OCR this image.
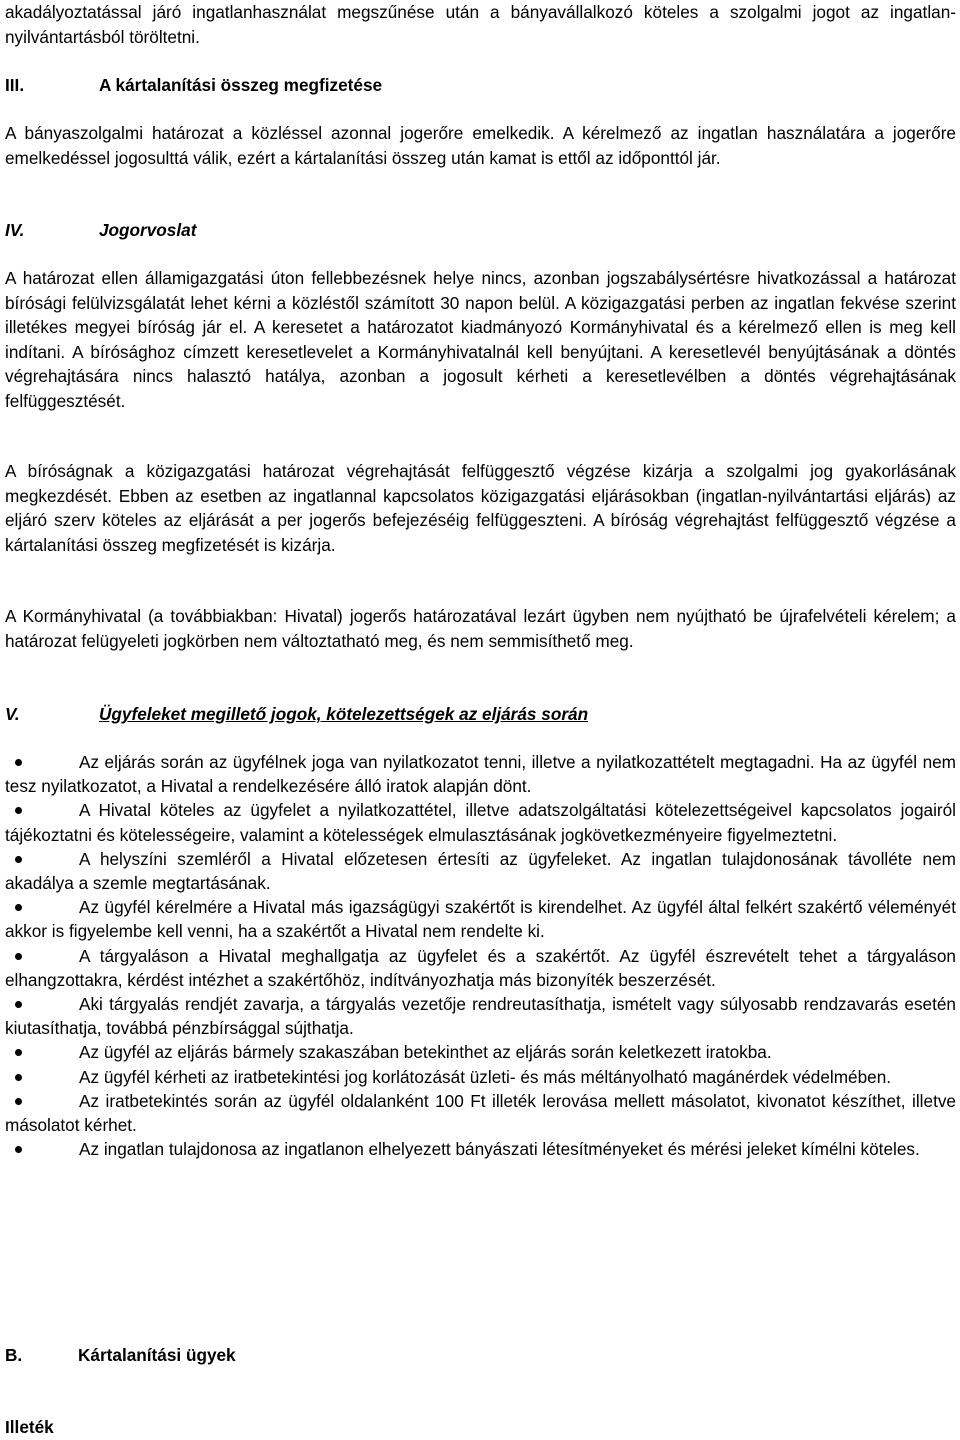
akadályoztatással járó ingatlanhasználat megszűnése után a bányavállalkozó köteles a szolgalmi jogot az ingatlan-nyilvántartásból töröltetni.

III.	A kártalanítási összeg megfizetése

A bányaszolgalmi határozat a közléssel azonnal jogerőre emelkedik. A kérelmező az ingatlan használatára a jogerőre emelkedéssel jogosulttá válik, ezért a kártalanítási összeg után kamat is ettől az időponttól jár.

IV.	Jogorvoslat

A határozat ellen államigazgatási úton fellebbezésnek helye nincs, azonban jogszabálysértésre hivatkozással a határozat bírósági felülvizsgálatát lehet kérni a közléstől számított 30 napon belül. A közigazgatási perben az ingatlan fekvése szerint illetékes megyei bíróság jár el. A keresetet a határozatot kiadmányozó Kormányhivatal és a kérelmező ellen is meg kell indítani. A bírósághoz címzett keresetlevelet a Kormányhivatalnál kell benyújtani. A keresetlevél benyújtásának a döntés végrehajtására nincs halasztó hatálya, azonban a jogosult kérheti a keresetlevélben a döntés végrehajtásának felfüggesztését.

A bíróságnak a közigazgatási határozat végrehajtását felfüggesztő végzése kizárja a szolgalmi jog gyakorlásának megkezdését. Ebben az esetben az ingatlannal kapcsolatos közigazgatási eljárásokban (ingatlan-nyilvántartási eljárás) az eljáró szerv köteles az eljárását a per jogerős befejezéséig felfüggeszteni. A bíróság végrehajtást felfüggesztő végzése a kártalanítási összeg megfizetését is kizárja.

A Kormányhivatal (a továbbiakban: Hivatal) jogerős határozatával lezárt ügyben nem nyújtható be újrafelvételi kérelem; a határozat felügyeleti jogkörben nem változtatható meg, és nem semmisíthető meg.

V.	Ügyfeleket megillető jogok, kötelezettségek az eljárás során
Az eljárás során az ügyfélnek joga van nyilatkozatot tenni, illetve a nyilatkozattételt megtagadni. Ha az ügyfél nem tesz nyilatkozatot, a Hivatal a rendelkezésére álló iratok alapján dönt.
A Hivatal köteles az ügyfelet a nyilatkozattétel, illetve adatszolgáltatási kötelezettségeivel kapcsolatos jogairól tájékoztatni és kötelességeire, valamint a kötelességek elmulasztásának jogkövetkezményeire figyelmeztetni.
A helyszíni szemléről a Hivatal előzetesen értesíti az ügyfeleket. Az ingatlan tulajdonosának távolléte nem akadálya a szemle megtartásának.
Az ügyfél kérelmére a Hivatal más igazságügyi szakértőt is kirendelhet. Az ügyfél által felkért szakértő véleményét akkor is figyelembe kell venni, ha a szakértőt a Hivatal nem rendelte ki.
A tárgyaláson a Hivatal meghallgatja az ügyfelet és a szakértőt. Az ügyfél észrevételt tehet a tárgyaláson elhangzottakra, kérdést intézhet a szakértőhöz, indítványozhatja más bizonyíték beszerzését.
Aki tárgyalás rendjét zavarja, a tárgyalás vezetője rendreutasíthatja, ismételt vagy súlyosabb rendzavarás esetén kiutasíthatja, továbbá pénzbírsággal sújthatja.
Az ügyfél az eljárás bármely szakaszában betekinthet az eljárás során keletkezett iratokba.
Az ügyfél kérheti az iratbetekintési jog korlátozását üzleti- és más méltányolható magánérdek védelmében.
Az iratbetekintés során az ügyfél oldalanként 100 Ft illeték lerovása mellett másolatot, kivonatot készíthet, illetve másolatot kérhet.
Az ingatlan tulajdonosa az ingatlanon elhelyezett bányászati létesítményeket és mérési jeleket kímélni köteles.
B.	Kártalanítási ügyek
Illeték
